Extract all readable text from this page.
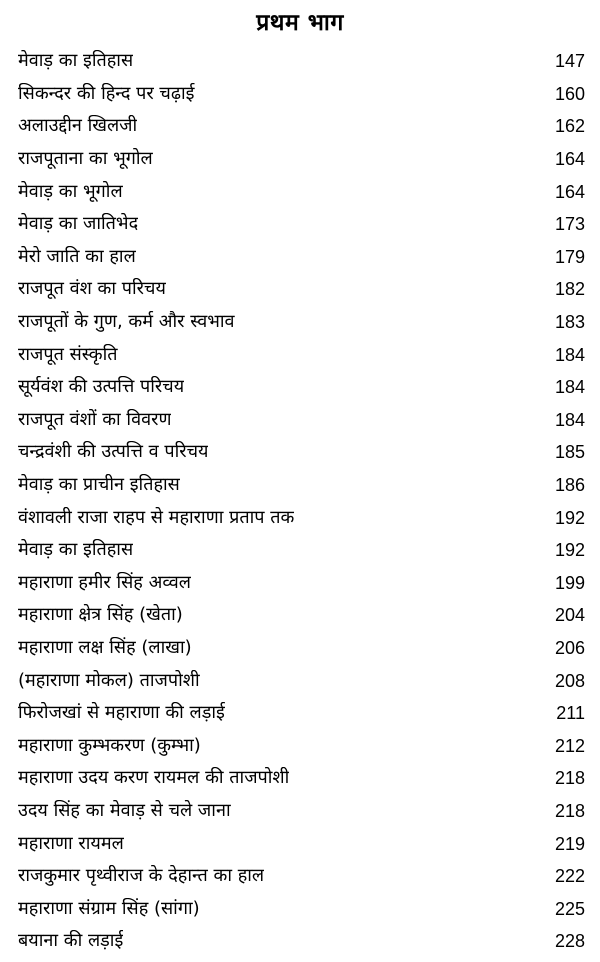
प्रथम भाग
मेवाड़ का इतिहास	147
सिकन्दर की हिन्द पर चढ़ाई	160
अलाउद्दीन खिलजी	162
राजपूताना का भूगोल	164
मेवाड़ का भूगोल	164
मेवाड़ का जातिभेद	173
मेरो जाति का हाल	179
राजपूत वंश का परिचय	182
राजपूतों के गुण, कर्म और स्वभाव	183
राजपूत संस्कृति	184
सूर्यवंश की उत्पत्ति परिचय	184
राजपूत वंशों का विवरण	184
चन्द्रवंशी की उत्पत्ति व परिचय	185
मेवाड़ का प्राचीन इतिहास	186
वंशावली राजा राहप से महाराणा प्रताप तक	192
मेवाड़ का इतिहास	192
महाराणा हमीर सिंह अव्वल	199
महाराणा क्षेत्र सिंह (खेता)	204
महाराणा लक्ष सिंह (लाखा)	206
(महाराणा मोकल) ताजपोशी	208
फिरोजखां से महाराणा की लड़ाई	211
महाराणा कुम्भकरण (कुम्भा)	212
महाराणा उदय करण रायमल की ताजपोशी	218
उदय सिंह का मेवाड़ से चले जाना	218
महाराणा रायमल	219
राजकुमार पृथ्वीराज के देहान्त का हाल	222
महाराणा संग्राम सिंह (सांगा)	225
बयाना की लड़ाई	228
